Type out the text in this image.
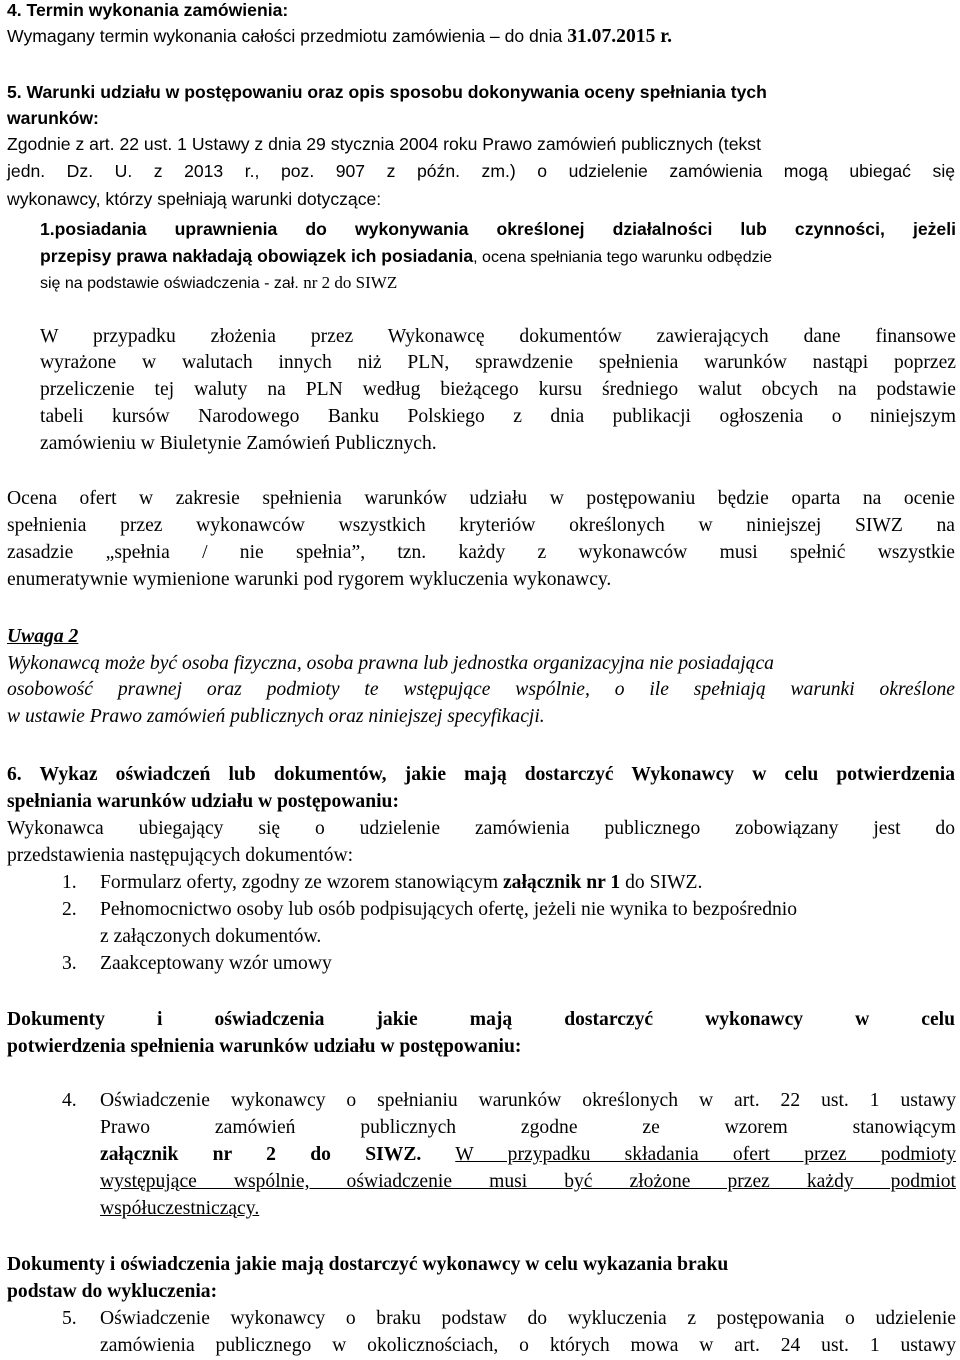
4. Termin wykonania zamówienia:
Wymagany termin wykonania całości przedmiotu zamówienia – do dnia 31.07.2015 r.
5. Warunki udziału w postępowaniu oraz opis sposobu dokonywania oceny spełniania tych
warunków:
Zgodnie z art. 22 ust. 1 Ustawy z dnia 29 stycznia 2004 roku Prawo zamówień publicznych (tekst
jedn. Dz. U. z 2013 r., poz. 907 z późn. zm.) o udzielenie zamówienia mogą ubiegać się
wykonawcy, którzy spełniają warunki dotyczące:
1.posiadania uprawnienia do wykonywania określonej działalności lub czynności, jeżeli
przepisy prawa nakładają obowiązek ich posiadania, ocena spełniania tego warunku odbędzie
się na podstawie oświadczenia - zał. nr 2 do SIWZ
W przypadku złożenia przez Wykonawcę dokumentów zawierających dane finansowe
wyrażone w walutach innych niż PLN, sprawdzenie spełnienia warunków nastąpi poprzez
przeliczenie tej waluty na PLN według bieżącego kursu średniego walut obcych na podstawie
tabeli kursów Narodowego Banku Polskiego z dnia publikacji ogłoszenia o niniejszym
zamówieniu w Biuletynie Zamówień Publicznych.
Ocena ofert w zakresie spełnienia warunków udziału w postępowaniu będzie oparta na ocenie
spełnienia przez wykonawców wszystkich kryteriów określonych w niniejszej SIWZ na
zasadzie „spełnia / nie spełnia”, tzn. każdy z wykonawców musi spełnić wszystkie
enumeratywnie wymienione warunki pod rygorem wykluczenia wykonawcy.
Uwaga 2
Wykonawcą może być osoba fizyczna, osoba prawna lub jednostka organizacyjna nie posiadająca
osobowość prawnej oraz podmioty te wstępujące wspólnie, o ile spełniają warunki określone
w ustawie Prawo zamówień publicznych oraz niniejszej specyfikacji.
6. Wykaz oświadczeń lub dokumentów, jakie mają dostarczyć Wykonawcy w celu potwierdzenia
spełniania warunków udziału w postępowaniu:
Wykonawca ubiegający się o udzielenie zamówienia publicznego zobowiązany jest do
przedstawienia następujących dokumentów:
1. Formularz oferty, zgodny ze wzorem stanowiącym załącznik nr 1 do SIWZ.
2. Pełnomocnictwo osoby lub osób podpisujących ofertę, jeżeli nie wynika to bezpośrednio
z załączonych dokumentów.
3. Zaakceptowany wzór umowy
Dokumenty i oświadczenia jakie mają dostarczyć wykonawcy w celu
potwierdzenia spełnienia warunków udziału w postępowaniu:
4. Oświadczenie wykonawcy o spełnianiu warunków określonych w art. 22 ust. 1 ustawy
Prawo zamówień publicznych zgodne ze wzorem stanowiącym
załącznik nr 2 do SIWZ. W przypadku składania ofert przez podmioty
występujące wspólnie, oświadczenie musi być złożone przez każdy podmiot
współuczestniczący.
Dokumenty i oświadczenia jakie mają dostarczyć wykonawcy w celu wykazania braku
podstaw do wykluczenia:
5. Oświadczenie wykonawcy o braku podstaw do wykluczenia z postępowania o udzielenie
zamówienia publicznego w okolicznościach, o których mowa w art. 24 ust. 1 ustawy
